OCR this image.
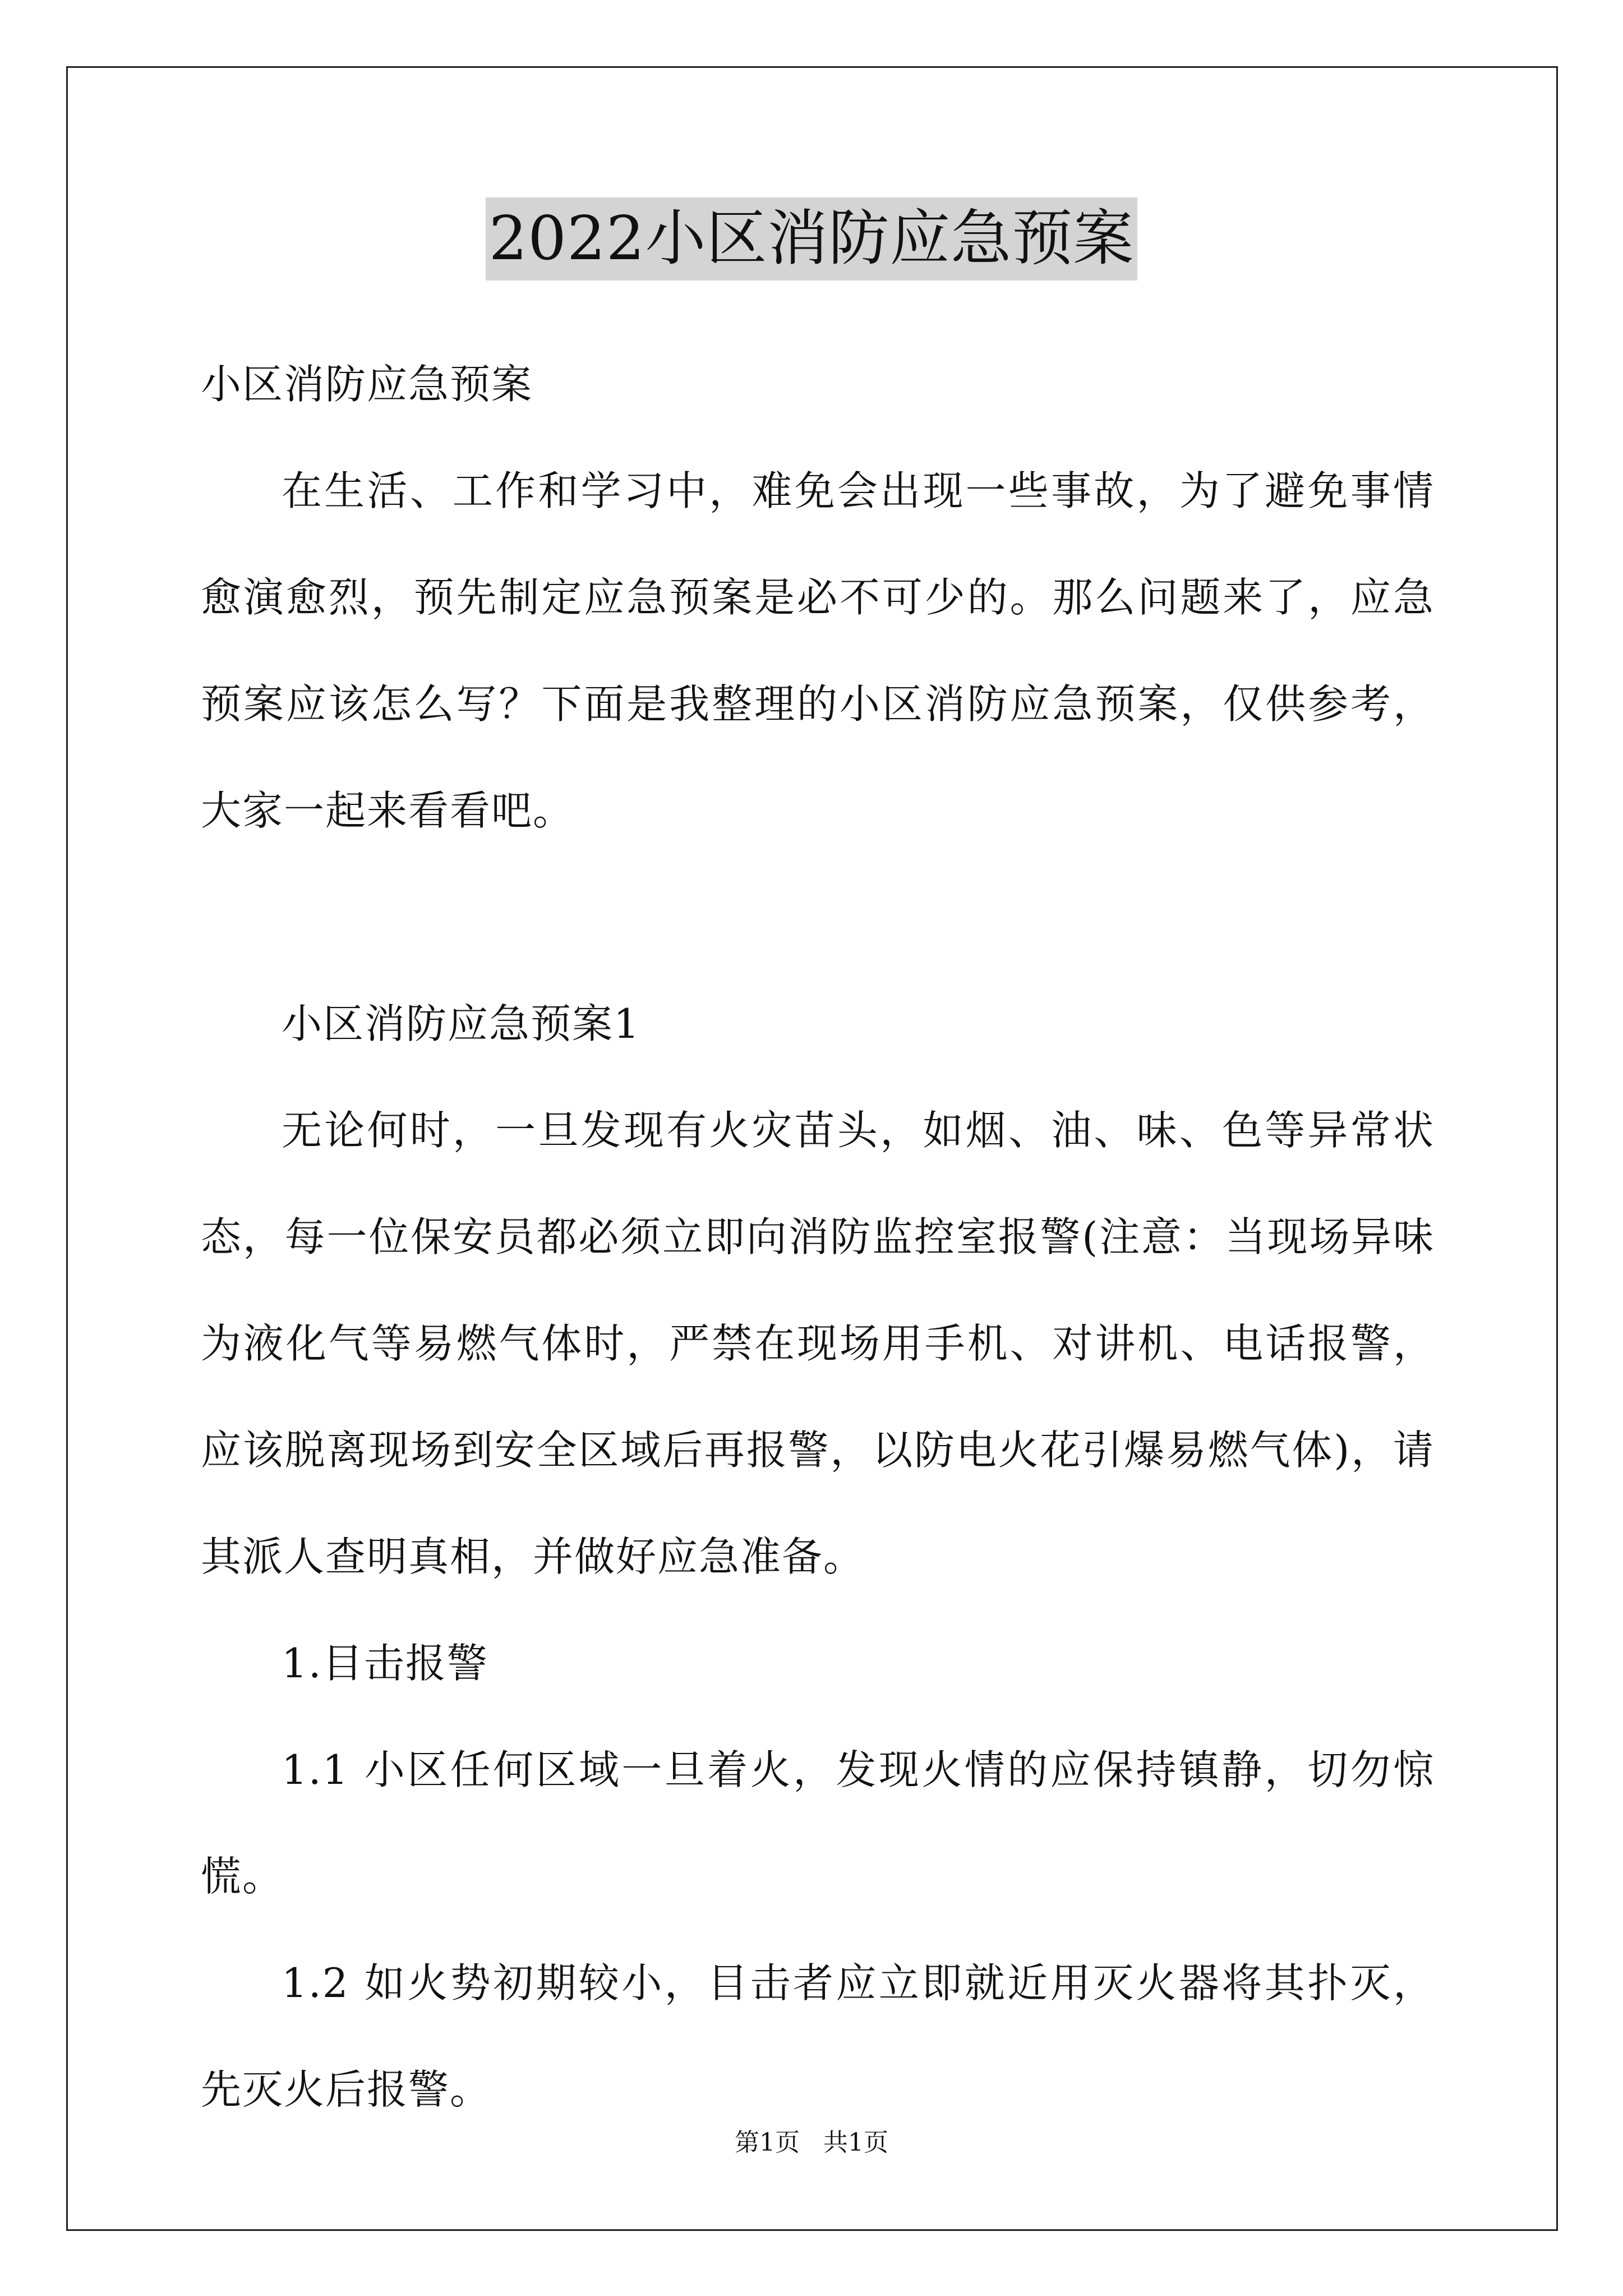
2022小区消防应急预案

小区消防应急预案

在生活、工作和学习中，难免会出现一些事故，为了避免事情愈演愈烈，预先制定应急预案是必不可少的。那么问题来了，应急预案应该怎么写？下面是我整理的小区消防应急预案，仅供参考，大家一起来看看吧。

小区消防应急预案1

无论何时，一旦发现有火灾苗头，如烟、油、味、色等异常状态，每一位保安员都必须立即向消防监控室报警(注意：当现场异味为液化气等易燃气体时，严禁在现场用手机、对讲机、电话报警，应该脱离现场到安全区域后再报警，以防电火花引爆易燃气体)，请其派人查明真相，并做好应急准备。

1.目击报警

1.1 小区任何区域一旦着火，发现火情的应保持镇静，切勿惊慌。

1.2 如火势初期较小，目击者应立即就近用灭火器将其扑灭，先灭火后报警。

第1页 共1页
